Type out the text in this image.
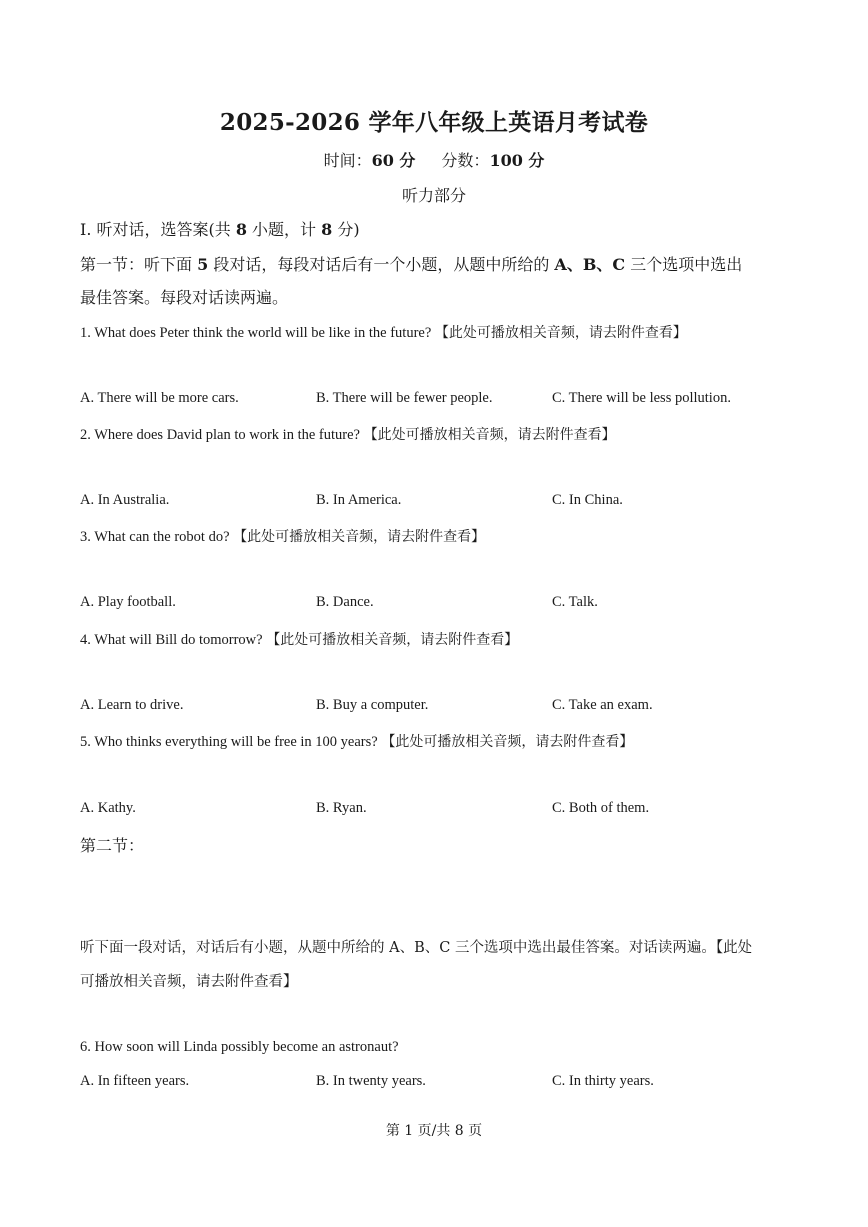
2025-2026 学年八年级上英语月考试卷
时间：60 分 分数：100 分
听力部分
I. 听对话，选答案(共 8 小题，计 8 分)
第一节：听下面 5 段对话，每段对话后有一个小题，从题中所给的 A、B、C 三个选项中选出
最佳答案。每段对话读两遍。
1. What does Peter think the world will be like in the future? 【此处可播放相关音频，请去附件查看】
A. There will be more cars.	B. There will be fewer people.	C. There will be less pollution.
2. Where does David plan to work in the future? 【此处可播放相关音频，请去附件查看】
A. In Australia.	B. In America.	C. In China.
3. What can the robot do? 【此处可播放相关音频，请去附件查看】
A. Play football.	B. Dance.	C. Talk.
4. What will Bill do tomorrow? 【此处可播放相关音频，请去附件查看】
A. Learn to drive.	B. Buy a computer.	C. Take an exam.
5. Who thinks everything will be free in 100 years? 【此处可播放相关音频，请去附件查看】
A. Kathy.	B. Ryan.	C. Both of them.
第二节：
听下面一段对话，对话后有小题，从题中所给的 A、B、C 三个选项中选出最佳答案。对话读两遍。【此处
可播放相关音频，请去附件查看】
6. How soon will Linda possibly become an astronaut?
A. In fifteen years.	B. In twenty years.	C. In thirty years.
第 1 页/共 8 页
